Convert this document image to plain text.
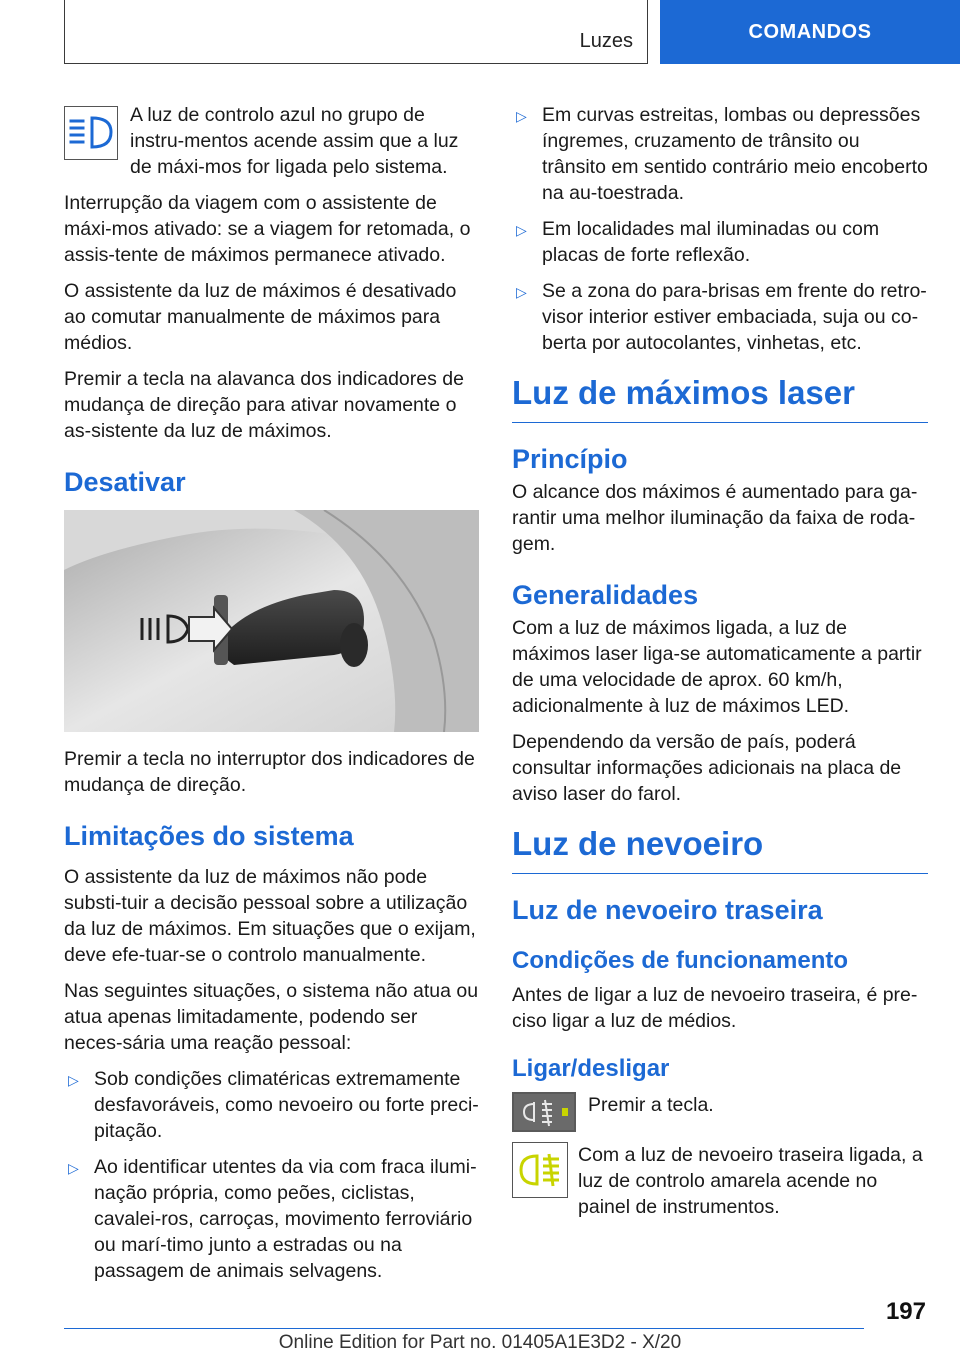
Luzes	COMANDOS
A luz de controlo azul no grupo de instru-mentos acende assim que a luz de máxi-mos for ligada pelo sistema.

Interrupção da viagem com o assistente de máxi-mos ativado: se a viagem for retomada, o assis-tente de máximos permanece ativado.

O assistente da luz de máximos é desativado ao comutar manualmente de máximos para médios.

Premir a tecla na alavanca dos indicadores de mudança de direção para ativar novamente o as-sistente da luz de máximos.

Desativar

Premir a tecla no interruptor dos indicadores de mudança de direção.

Limitações do sistema

O assistente da luz de máximos não pode substi-tuir a decisão pessoal sobre a utilização da luz de máximos. Em situações que o exijam, deve efe-tuar-se o controlo manualmente.

Nas seguintes situações, o sistema não atua ou atua apenas limitadamente, podendo ser neces-sária uma reação pessoal:

▷ Sob condições climatéricas extremamente desfavoráveis, como nevoeiro ou forte preci-pitação.
▷ Ao identificar utentes da via com fraca ilumi-nação própria, como peões, ciclistas, cavalei-ros, carroças, movimento ferroviário ou marí-timo junto a estradas ou na passagem de animais selvagens.
▷ Em curvas estreitas, lombas ou depressões íngremes, cruzamento de trânsito ou trânsito em sentido contrário meio encoberto na au-toestrada.
▷ Em localidades mal iluminadas ou com placas de forte reflexão.
▷ Se a zona do para-brisas em frente do retro-visor interior estiver embaciada, suja ou co-berta por autocolantes, vinhetas, etc.
Luz de máximos laser
Princípio

O alcance dos máximos é aumentado para ga-rantir uma melhor iluminação da faixa de roda-gem.

Generalidades

Com a luz de máximos ligada, a luz de máximos laser liga-se automaticamente a partir de uma velocidade de aprox. 60 km/h, adicionalmente à luz de máximos LED.

Dependendo da versão de país, poderá consultar informações adicionais na placa de aviso laser do farol.

Luz de nevoeiro
Luz de nevoeiro traseira
Condições de funcionamento

Antes de ligar a luz de nevoeiro traseira, é pre-ciso ligar a luz de médios.

Ligar/desligar
Premir a tecla.
Com a luz de nevoeiro traseira ligada, a luz de controlo amarela acende no painel de instrumentos.
197
Online Edition for Part no. 01405A1E3D2 - X/20
